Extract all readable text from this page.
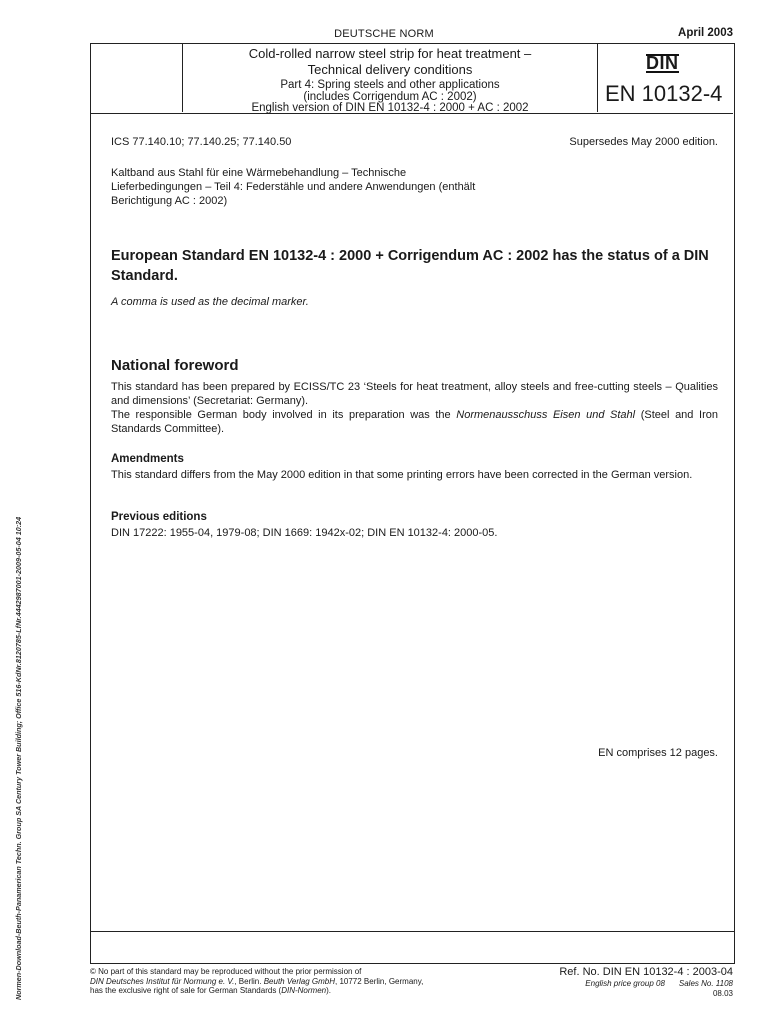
DEUTSCHE NORM	April 2003
Normen-Download-Beuth-Panamerican Techn. Group SA Century Tower Building; Office 516-KdNr.8120785-LfNr.4442987001-2009-05-04 10:24
Cold-rolled narrow steel strip for heat treatment –
Technical delivery conditions
Part 4: Spring steels and other applications
(includes Corrigendum AC : 2002)
English version of DIN EN 10132-4 : 2000 + AC : 2002
DIN
EN 10132-4
ICS 77.140.10; 77.140.25; 77.140.50	Supersedes May 2000 edition.
Kaltband aus Stahl für eine Wärmebehandlung – Technische Lieferbedingungen – Teil 4: Federstähle und andere Anwendungen (enthält Berichtigung AC : 2002)
European Standard EN 10132-4 : 2000 + Corrigendum AC : 2002 has the status of a DIN Standard.
A comma is used as the decimal marker.
National foreword
This standard has been prepared by ECISS/TC 23 ‘Steels for heat treatment, alloy steels and free-cutting steels – Qualities and dimensions’ (Secretariat: Germany).
The responsible German body involved in its preparation was the Normenausschuss Eisen und Stahl (Steel and Iron Standards Committee).
Amendments
This standard differs from the May 2000 edition in that some printing errors have been corrected in the German version.
Previous editions
DIN 17222: 1955-04, 1979-08; DIN 1669: 1942x-02; DIN EN 10132-4: 2000-05.
EN comprises 12 pages.
© No part of this standard may be reproduced without the prior permission of
DIN Deutsches Institut für Normung e. V., Berlin. Beuth Verlag GmbH, 10772 Berlin, Germany,
has the exclusive right of sale for German Standards (DIN-Normen).
Ref. No. DIN EN 10132-4 : 2003-04
English price group 08 Sales No. 1108
08.03
